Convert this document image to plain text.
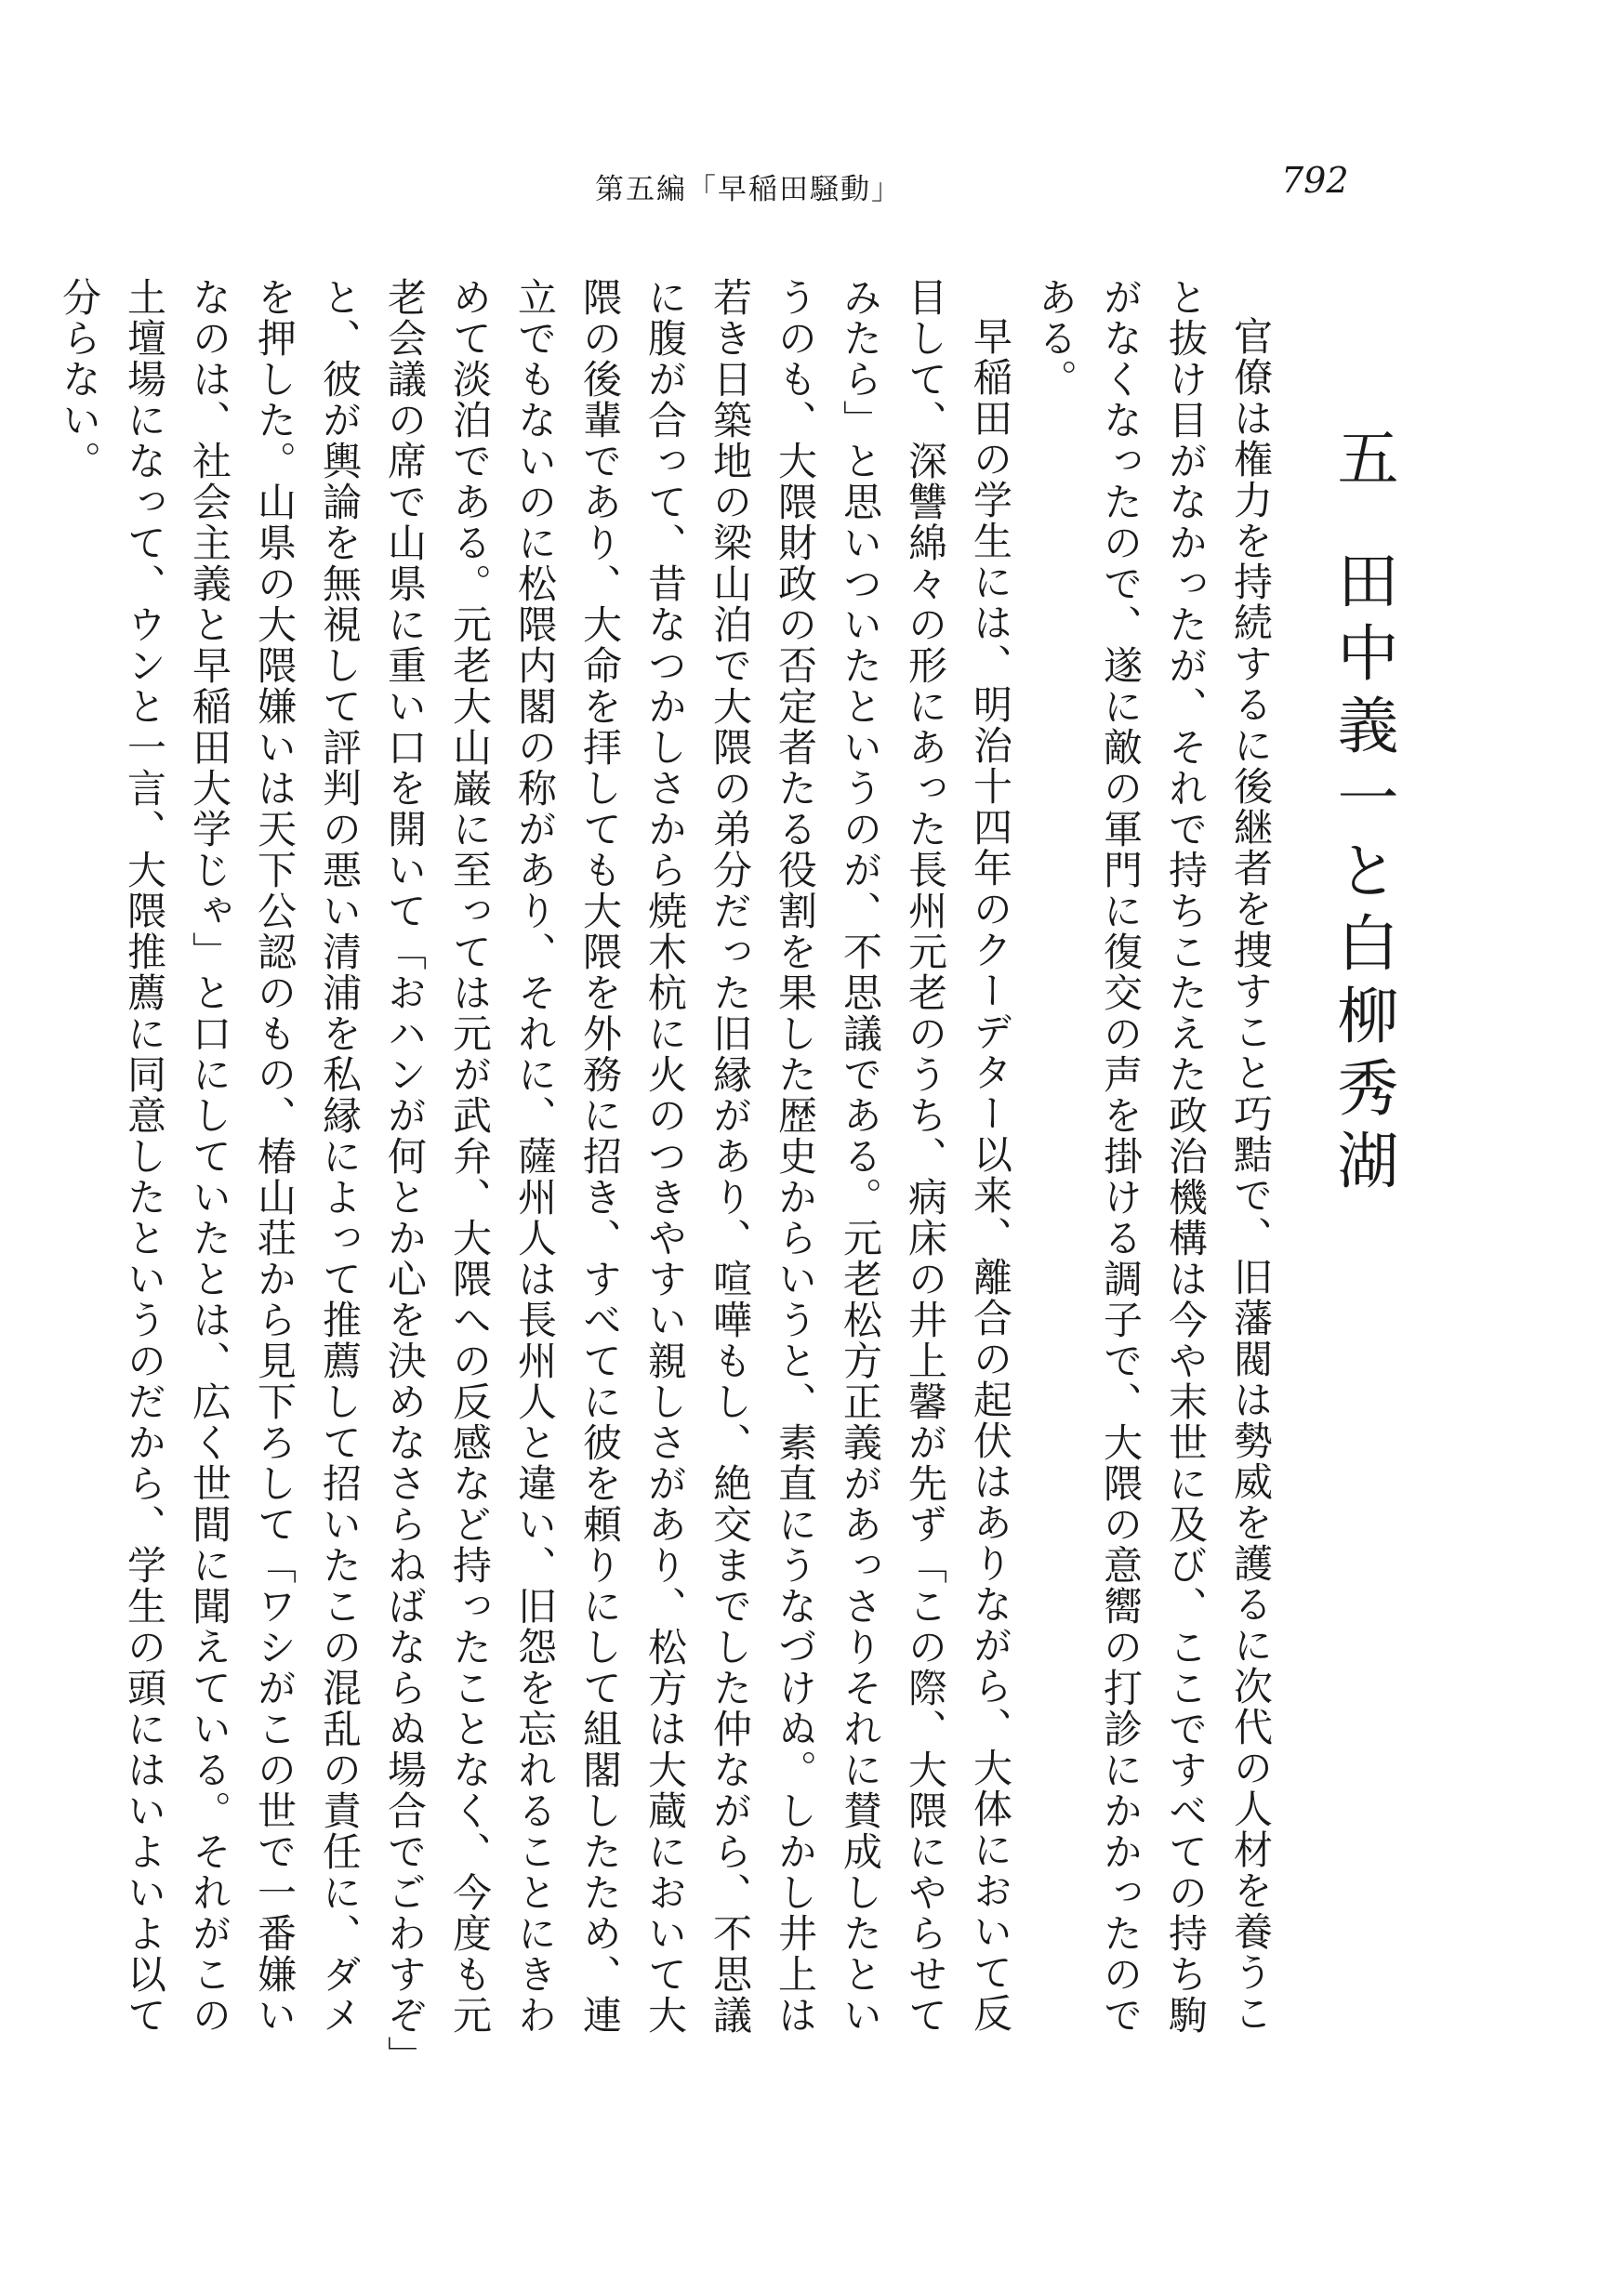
第五編「早稲田騒動」	792
五田中義一と白柳秀湖

官僚は権力を持続するに後継者を捜すこと巧黠で、旧藩閥は勢威を護るに次代の人材を養うこと抜け目がなかったが、それで持ちこたえた政治機構は今や末世に及び、ここですべての持ち駒がなくなったので、遂に敵の軍門に復交の声を掛ける調子で、大隈の意嚮の打診にかかったのである。

早稲田の学生には、明治十四年のクーデター以来、離合の起伏はありながら、大体において反目して、深讐綿々の形にあった長州元老のうち、病床の井上馨が先ず「この際、大隈にやらせてみたら」と思いついたというのが、不思議である。元老松方正義があっさりそれに賛成したというのも、大隈財政の否定者たる役割を果した歴史からいうと、素直にうなづけぬ。しかし井上は若き日築地の梁山泊で大隈の弟分だった旧縁があり、喧嘩もし、絶交までした仲ながら、不思議に腹が合って、昔なつかしさから焼木杭に火のつきやすい親しさがあり、松方は大蔵において大隈の後輩であり、大命を拝しても大隈を外務に招き、すべてに彼を頼りにして組閣したため、連立でもないのに松隈内閣の称があり、それに、薩州人は長州人と違い、旧怨を忘れることにきわめて淡泊である。元老大山巌に至っては元が武弁、大隈への反感など持ったことなく、今度も元老会議の席で山県に重い口を開いて「おハンが何とか心を決めなさらねばならぬ場合でごわすぞ」と、彼が輿論を無視して評判の悪い清浦を私縁によって推薦して招いたこの混乱の責任に、ダメを押した。山県の大隈嫌いは天下公認のもの、椿山荘から見下ろして「ワシがこの世で一番嫌いなのは、社会主義と早稲田大学じゃ」と口にしていたとは、広く世間に聞えている。それがこの土壇場になって、ウンと一言、大隈推薦に同意したというのだから、学生の頭にはいよいよ以て分らない。
